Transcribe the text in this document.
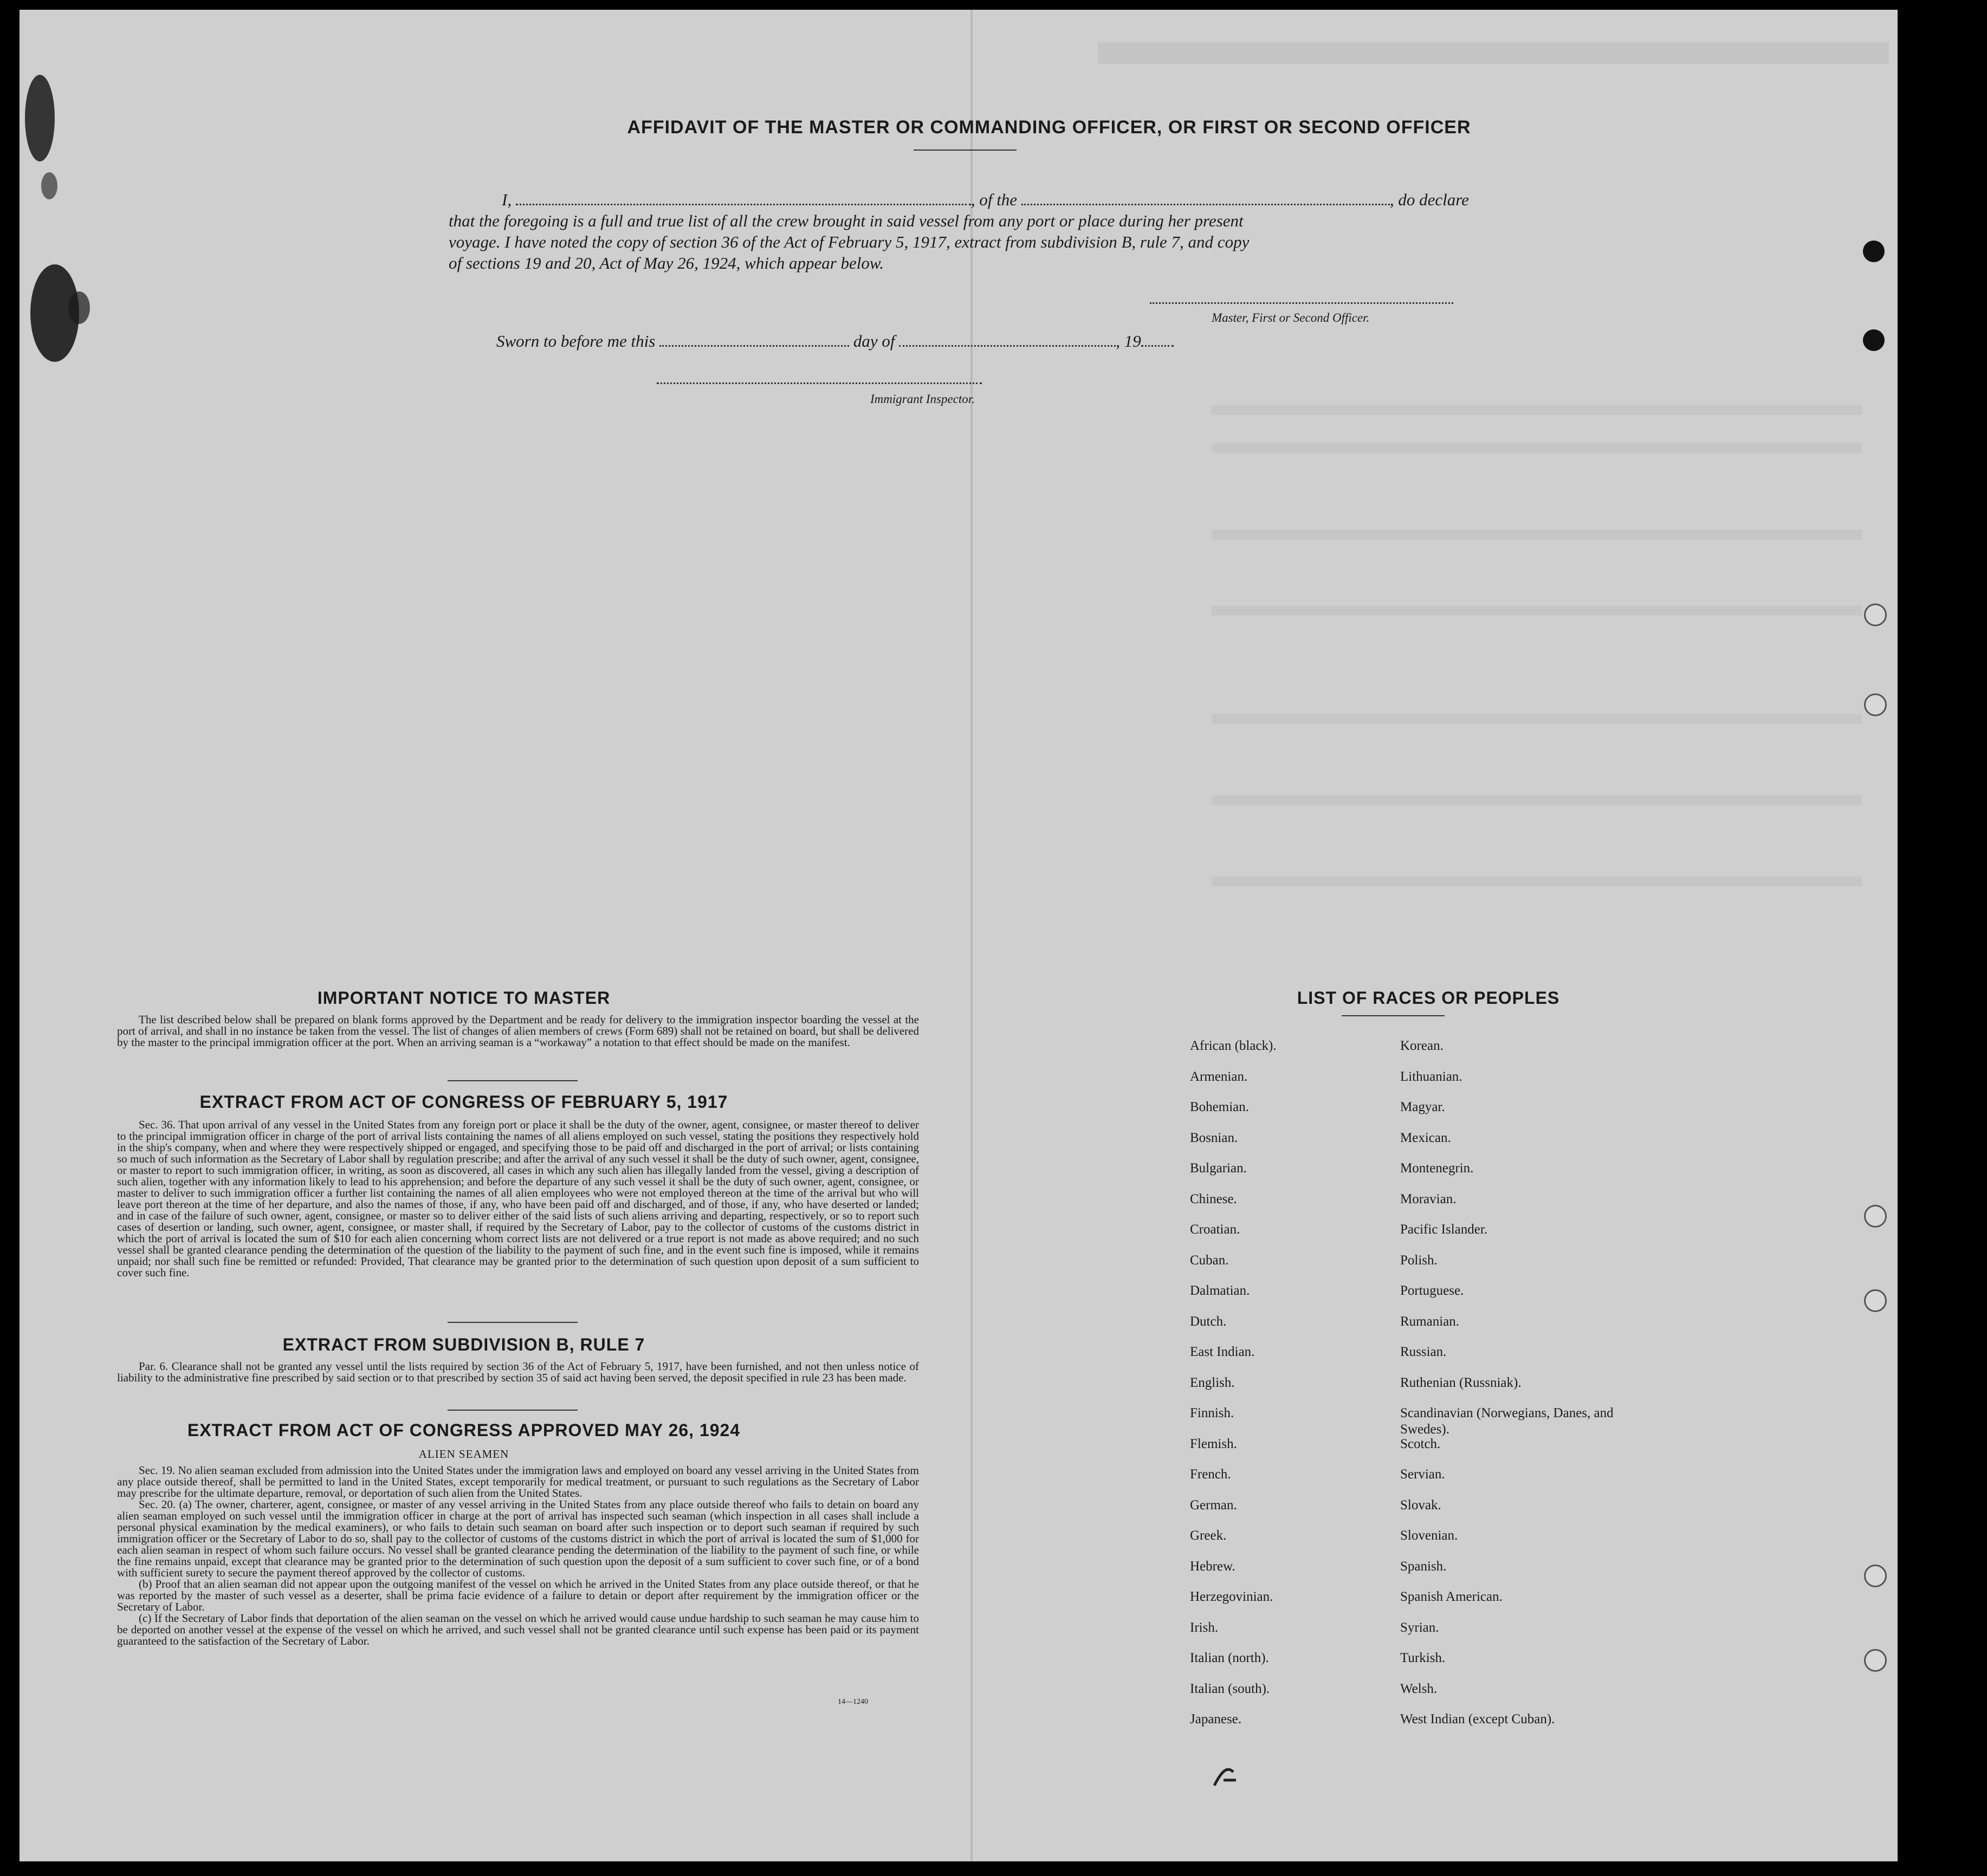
AFFIDAVIT OF THE MASTER OR COMMANDING OFFICER, OR FIRST OR SECOND OFFICER
I,	, of the	, do declare
that the foregoing is a full and true list of all the crew brought in said vessel from any port or place during her present
voyage. I have noted the copy of section 36 of the Act of February 5, 1917, extract from subdivision B, rule 7, and copy
of sections 19 and 20, Act of May 26, 1924, which appear below.
Master, First or Second Officer.
Sworn to before me this	day of	, 19
Immigrant Inspector.
IMPORTANT NOTICE TO MASTER

The list described below shall be prepared on blank forms approved by the Department and be ready for delivery to the immigration inspector boarding the vessel at the port of arrival, and shall in no instance be taken from the vessel. The list of changes of alien members of crews (Form 689) shall not be retained on board, but shall be delivered by the master to the principal immigration officer at the port. When an arriving seaman is a “workaway” a notation to that effect should be made on the manifest.

EXTRACT FROM ACT OF CONGRESS OF FEBRUARY 5, 1917

Sec. 36. That upon arrival of any vessel in the United States from any foreign port or place it shall be the duty of the owner, agent, consignee, or master thereof to deliver to the principal immigration officer in charge of the port of arrival lists containing the names of all aliens employed on such vessel, stating the positions they respectively hold in the ship's company, when and where they were respectively shipped or engaged, and specifying those to be paid off and discharged in the port of arrival; or lists containing so much of such information as the Secretary of Labor shall by regulation prescribe; and after the arrival of any such vessel it shall be the duty of such owner, agent, consignee, or master to report to such immigration officer, in writing, as soon as discovered, all cases in which any such alien has illegally landed from the vessel, giving a description of such alien, together with any information likely to lead to his apprehension; and before the departure of any such vessel it shall be the duty of such owner, agent, consignee, or master to deliver to such immigration officer a further list containing the names of all alien employees who were not employed thereon at the time of the arrival but who will leave port thereon at the time of her departure, and also the names of those, if any, who have been paid off and discharged, and of those, if any, who have deserted or landed; and in case of the failure of such owner, agent, consignee, or master so to deliver either of the said lists of such aliens arriving and departing, respectively, or so to report such cases of desertion or landing, such owner, agent, consignee, or master shall, if required by the Secretary of Labor, pay to the collector of customs of the customs district in which the port of arrival is located the sum of $10 for each alien concerning whom correct lists are not delivered or a true report is not made as above required; and no such vessel shall be granted clearance pending the determination of the question of the liability to the payment of such fine, and in the event such fine is imposed, while it remains unpaid; nor shall such fine be remitted or refunded: Provided, That clearance may be granted prior to the determination of such question upon deposit of a sum sufficient to cover such fine.

EXTRACT FROM SUBDIVISION B, RULE 7

Par. 6. Clearance shall not be granted any vessel until the lists required by section 36 of the Act of February 5, 1917, have been furnished, and not then unless notice of liability to the administrative fine prescribed by said section or to that prescribed by section 35 of said act having been served, the deposit specified in rule 23 has been made.

EXTRACT FROM ACT OF CONGRESS APPROVED MAY 26, 1924
ALIEN SEAMEN

Sec. 19. No alien seaman excluded from admission into the United States under the immigration laws and employed on board any vessel arriving in the United States from any place outside thereof, shall be permitted to land in the United States, except temporarily for medical treatment, or pursuant to such regulations as the Secretary of Labor may prescribe for the ultimate departure, removal, or deportation of such alien from the United States.

Sec. 20. (a) The owner, charterer, agent, consignee, or master of any vessel arriving in the United States from any place outside thereof who fails to detain on board any alien seaman employed on such vessel until the immigration officer in charge at the port of arrival has inspected such seaman (which inspection in all cases shall include a personal physical examination by the medical examiners), or who fails to detain such seaman on board after such inspection or to deport such seaman if required by such immigration officer or the Secretary of Labor to do so, shall pay to the collector of customs of the customs district in which the port of arrival is located the sum of $1,000 for each alien seaman in respect of whom such failure occurs. No vessel shall be granted clearance pending the determination of the liability to the payment of such fine, or while the fine remains unpaid, except that clearance may be granted prior to the determination of such question upon the deposit of a sum sufficient to cover such fine, or of a bond with sufficient surety to secure the payment thereof approved by the collector of customs.

(b) Proof that an alien seaman did not appear upon the outgoing manifest of the vessel on which he arrived in the United States from any place outside thereof, or that he was reported by the master of such vessel as a deserter, shall be prima facie evidence of a failure to detain or deport after requirement by the immigration officer or the Secretary of Labor.

(c) If the Secretary of Labor finds that deportation of the alien seaman on the vessel on which he arrived would cause undue hardship to such seaman he may cause him to be deported on another vessel at the expense of the vessel on which he arrived, and such vessel shall not be granted clearance until such expense has been paid or its payment guaranteed to the satisfaction of the Secretary of Labor.

14—1240
LIST OF RACES OR PEOPLES
African (black).
Armenian.
Bohemian.
Bosnian.
Bulgarian.
Chinese.
Croatian.
Cuban.
Dalmatian.
Dutch.
East Indian.
English.
Finnish.
Flemish.
French.
German.
Greek.
Hebrew.
Herzegovinian.
Irish.
Italian (north).
Italian (south).
Japanese.
Korean.
Lithuanian.
Magyar.
Mexican.
Montenegrin.
Moravian.
Pacific Islander.
Polish.
Portuguese.
Rumanian.
Russian.
Ruthenian (Russniak).
Scandinavian (Norwegians, Danes, and Swedes).
Scotch.
Servian.
Slovak.
Slovenian.
Spanish.
Spanish American.
Syrian.
Turkish.
Welsh.
West Indian (except Cuban).
